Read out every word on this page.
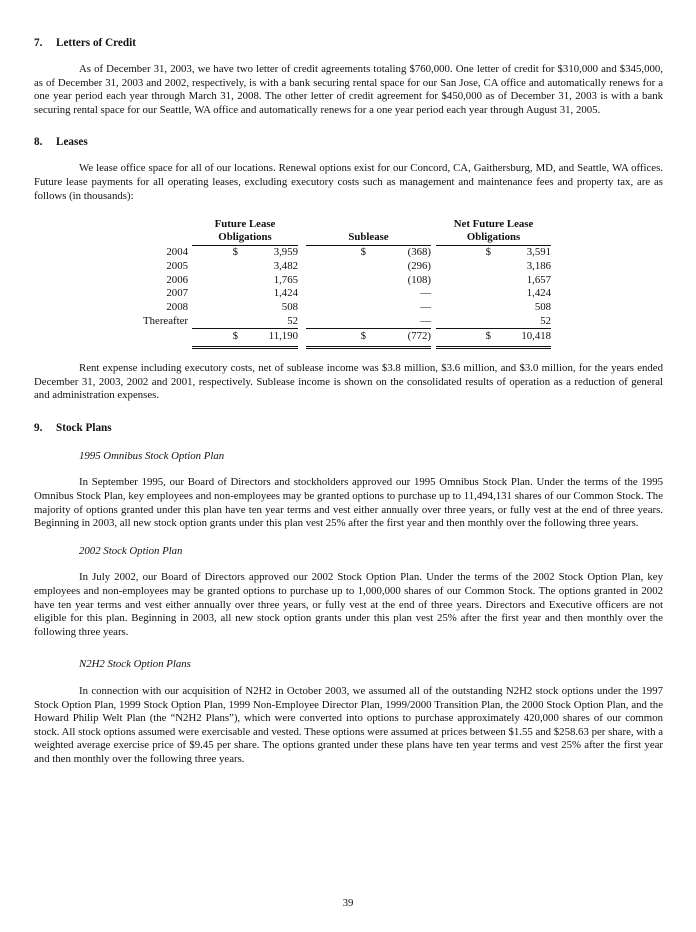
7.	Letters of Credit

As of December 31, 2003, we have two letter of credit agreements totaling $760,000. One letter of credit for $310,000 and $345,000, as of December 31, 2003 and 2002, respectively, is with a bank securing rental space for our San Jose, CA office and automatically renews for a one year period each year through March 31, 2008. The other letter of credit agreement for $450,000 as of December 31, 2003 is with a bank securing rental space for our Seattle, WA office and automatically renews for a one year period each year through August 31, 2005.

8.	Leases

We lease office space for all of our locations. Renewal options exist for our Concord, CA, Gaithersburg, MD, and Seattle, WA offices. Future lease payments for all operating leases, excluding executory costs such as management and maintenance fees and property tax, are as follows (in thousands):

		Future Lease Obligations			Sublease			Net Future Lease Obligations	
2004		$	3,959		$	(368)		$	3,591
2005			3,482			(296)			3,186
2006			1,765			(108)			1,657
2007			1,424			—			1,424
2008			508			—			508
Thereafter			52			—			52
		$	11,190		$	(772)		$	10,418

Rent expense including executory costs, net of sublease income was $3.8 million, $3.6 million, and $3.0 million, for the years ended December 31, 2003, 2002 and 2001, respectively. Sublease income is shown on the consolidated results of operation as a reduction of general and administration expenses.

9.	Stock Plans
1995 Omnibus Stock Option Plan

In September 1995, our Board of Directors and stockholders approved our 1995 Omnibus Stock Plan. Under the terms of the 1995 Omnibus Stock Plan, key employees and non-employees may be granted options to purchase up to 11,494,131 shares of our Common Stock. The majority of options granted under this plan have ten year terms and vest either annually over three years, or fully vest at the end of three years. Beginning in 2003, all new stock option grants under this plan vest 25% after the first year and then monthly over the following three years.

2002 Stock Option Plan

In July 2002, our Board of Directors approved our 2002 Stock Option Plan. Under the terms of the 2002 Stock Option Plan, key employees and non-employees may be granted options to purchase up to 1,000,000 shares of our Common Stock. The options granted in 2002 have ten year terms and vest either annually over three years, or fully vest at the end of three years. Directors and Executive officers are not eligible for this plan. Beginning in 2003, all new stock option grants under this plan vest 25% after the first year and then monthly over the following three years.

N2H2 Stock Option Plans

In connection with our acquisition of N2H2 in October 2003, we assumed all of the outstanding N2H2 stock options under the 1997 Stock Option Plan, 1999 Stock Option Plan, 1999 Non-Employee Director Plan, 1999/2000 Transition Plan, the 2000 Stock Option Plan, and the Howard Philip Welt Plan (the “N2H2 Plans”), which were converted into options to purchase approximately 420,000 shares of our common stock. All stock options assumed were exercisable and vested. These options were assumed at prices between $1.55 and $258.63 per share, with a weighted average exercise price of $9.45 per share. The options granted under these plans have ten year terms and vest 25% after the first year and then monthly over the following three years.

39
